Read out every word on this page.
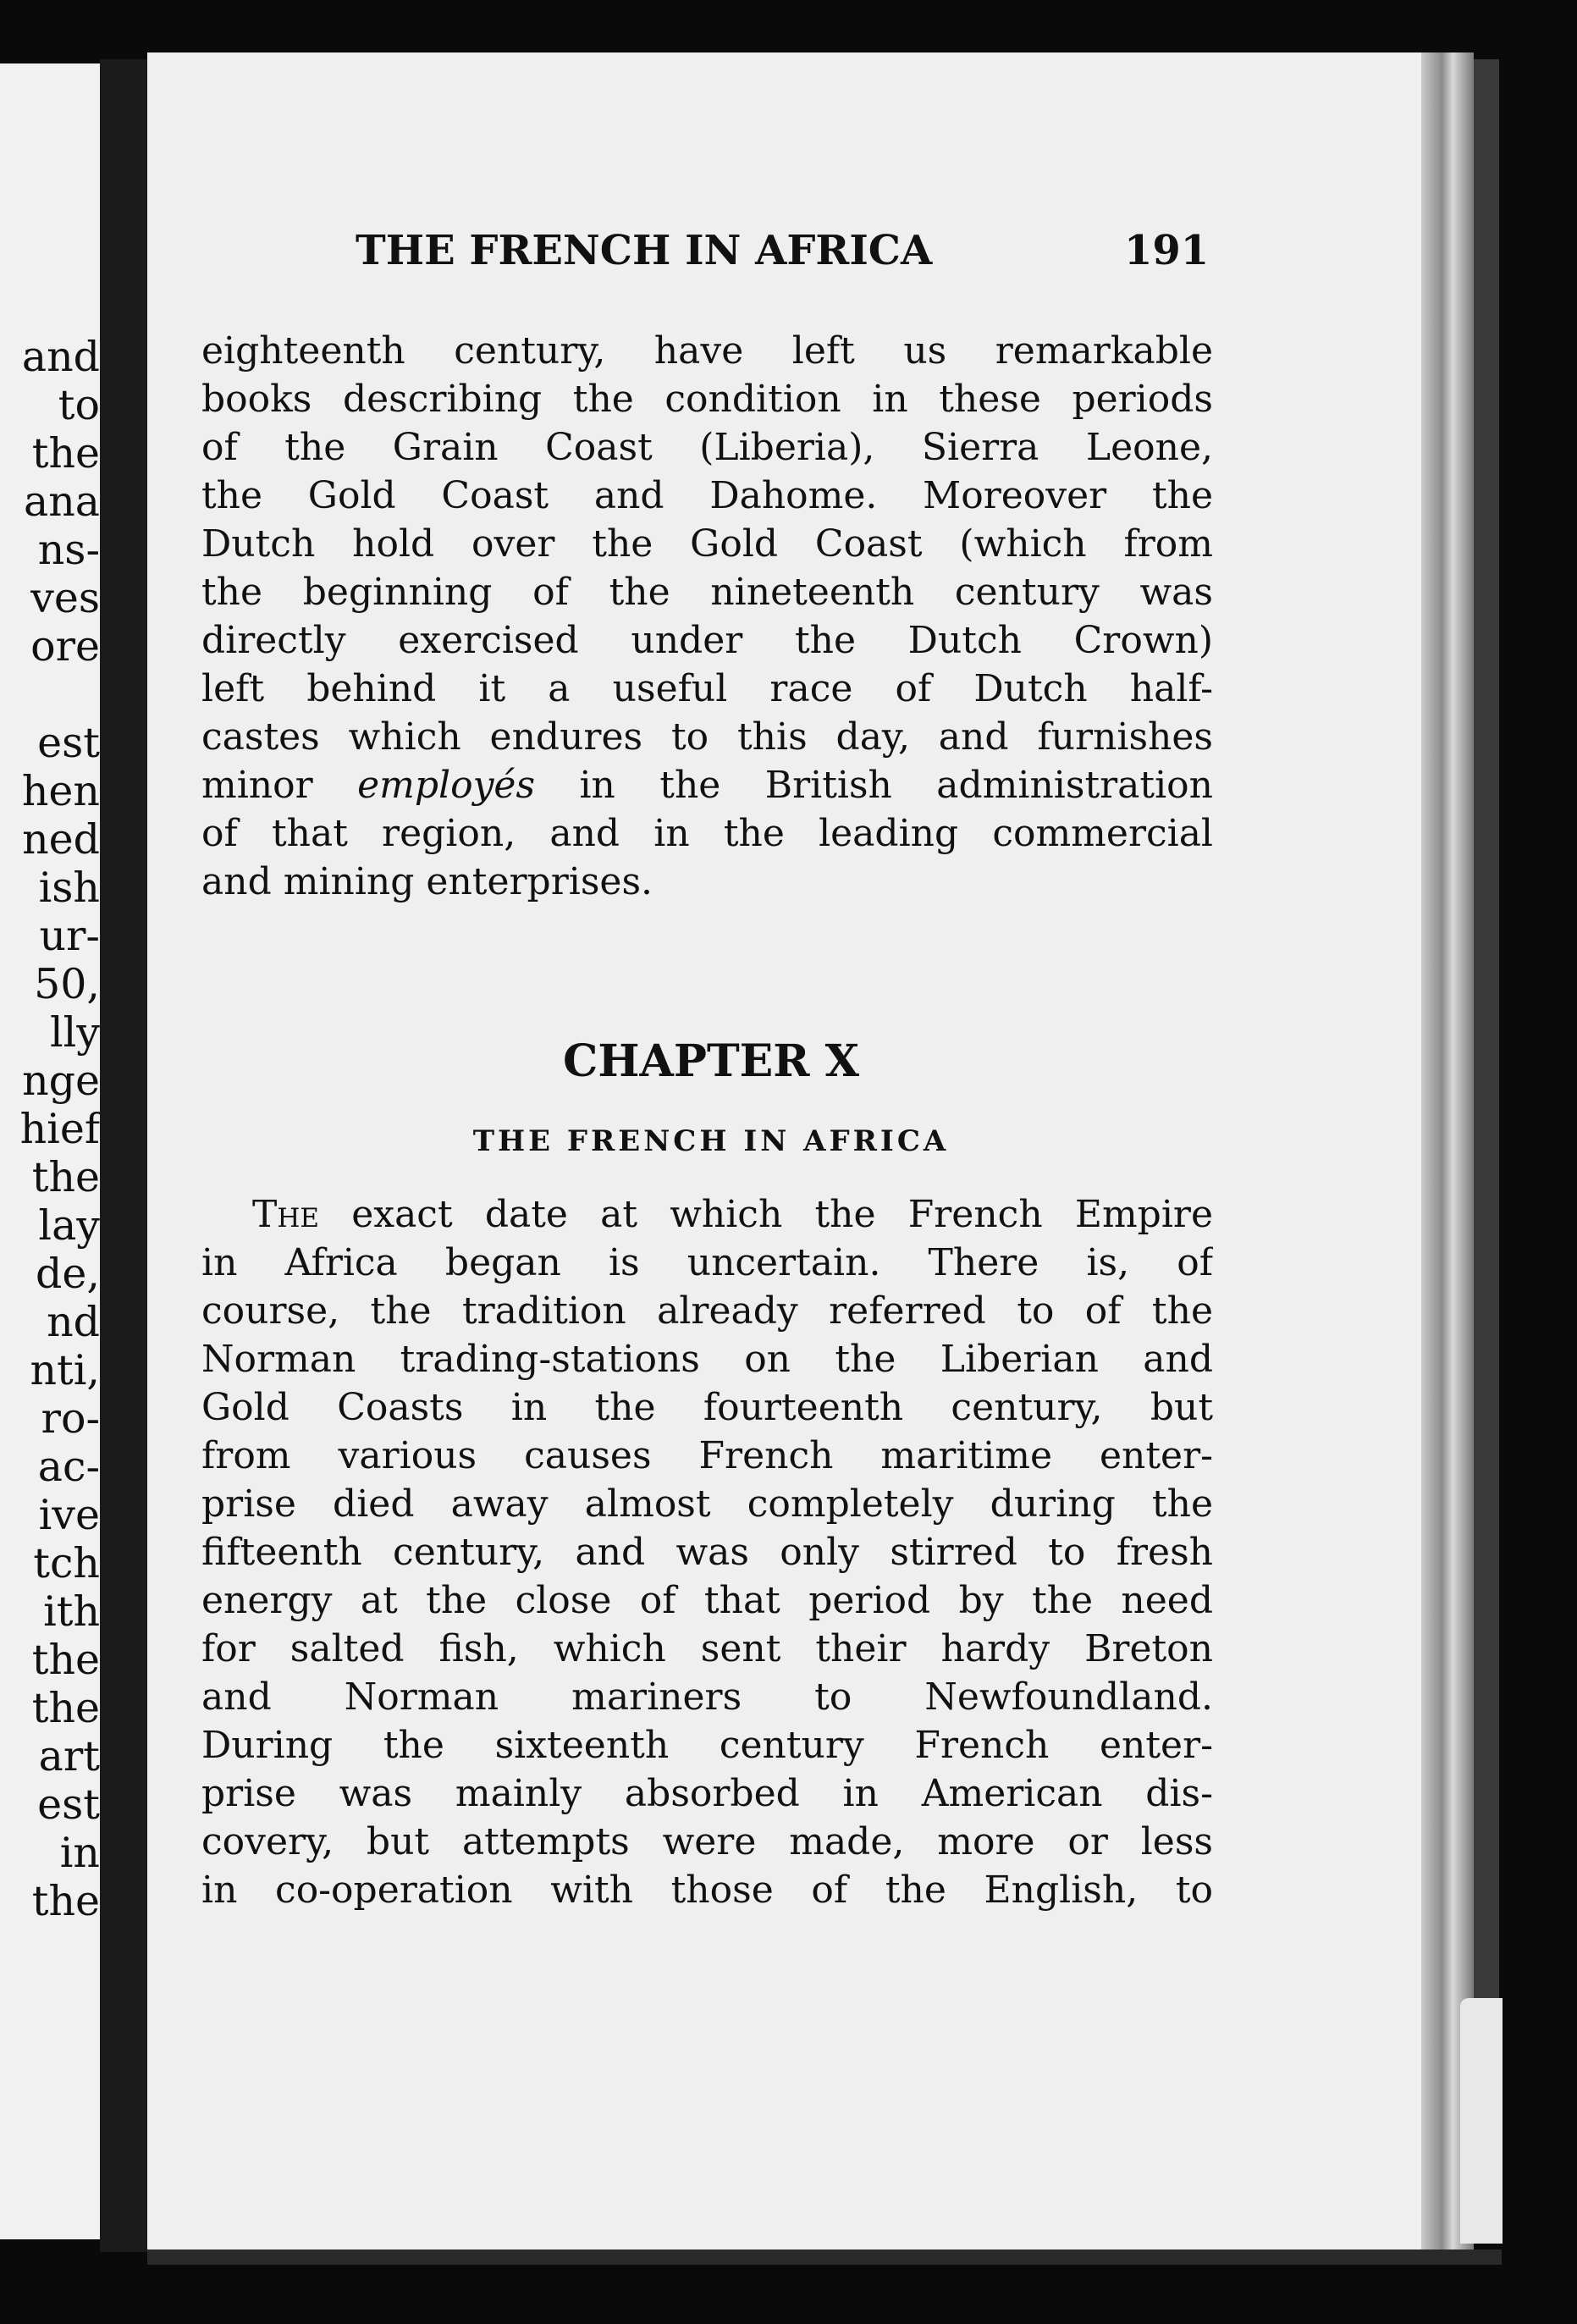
and
to
the
ana
ns-
ves
ore

est
hen
ned
ish
ur-
50,
lly
nge
hief
the
lay
de,
nd
nti,
ro-
ac-
ive
tch
ith
the
the
art
est
in
the
THE FRENCH IN AFRICA	191
eighteenth century, have left us remarkable
books describing the condition in these periods
of the Grain Coast (Liberia), Sierra Leone,
the Gold Coast and Dahome. Moreover the
Dutch hold over the Gold Coast (which from
the beginning of the nineteenth century was
directly exercised under the Dutch Crown)
left behind it a useful race of Dutch half-
castes which endures to this day, and furnishes
minor employés in the British administration
of that region, and in the leading commercial
and mining enterprises.
CHAPTER X
THE FRENCH IN AFRICA
The exact date at which the French Empire
in Africa began is uncertain. There is, of
course, the tradition already referred to of the
Norman trading-stations on the Liberian and
Gold Coasts in the fourteenth century, but
from various causes French maritime enter-
prise died away almost completely during the
fifteenth century, and was only stirred to fresh
energy at the close of that period by the need
for salted fish, which sent their hardy Breton
and Norman mariners to Newfoundland.
During the sixteenth century French enter-
prise was mainly absorbed in American dis-
covery, but attempts were made, more or less
in co-operation with those of the English, to
